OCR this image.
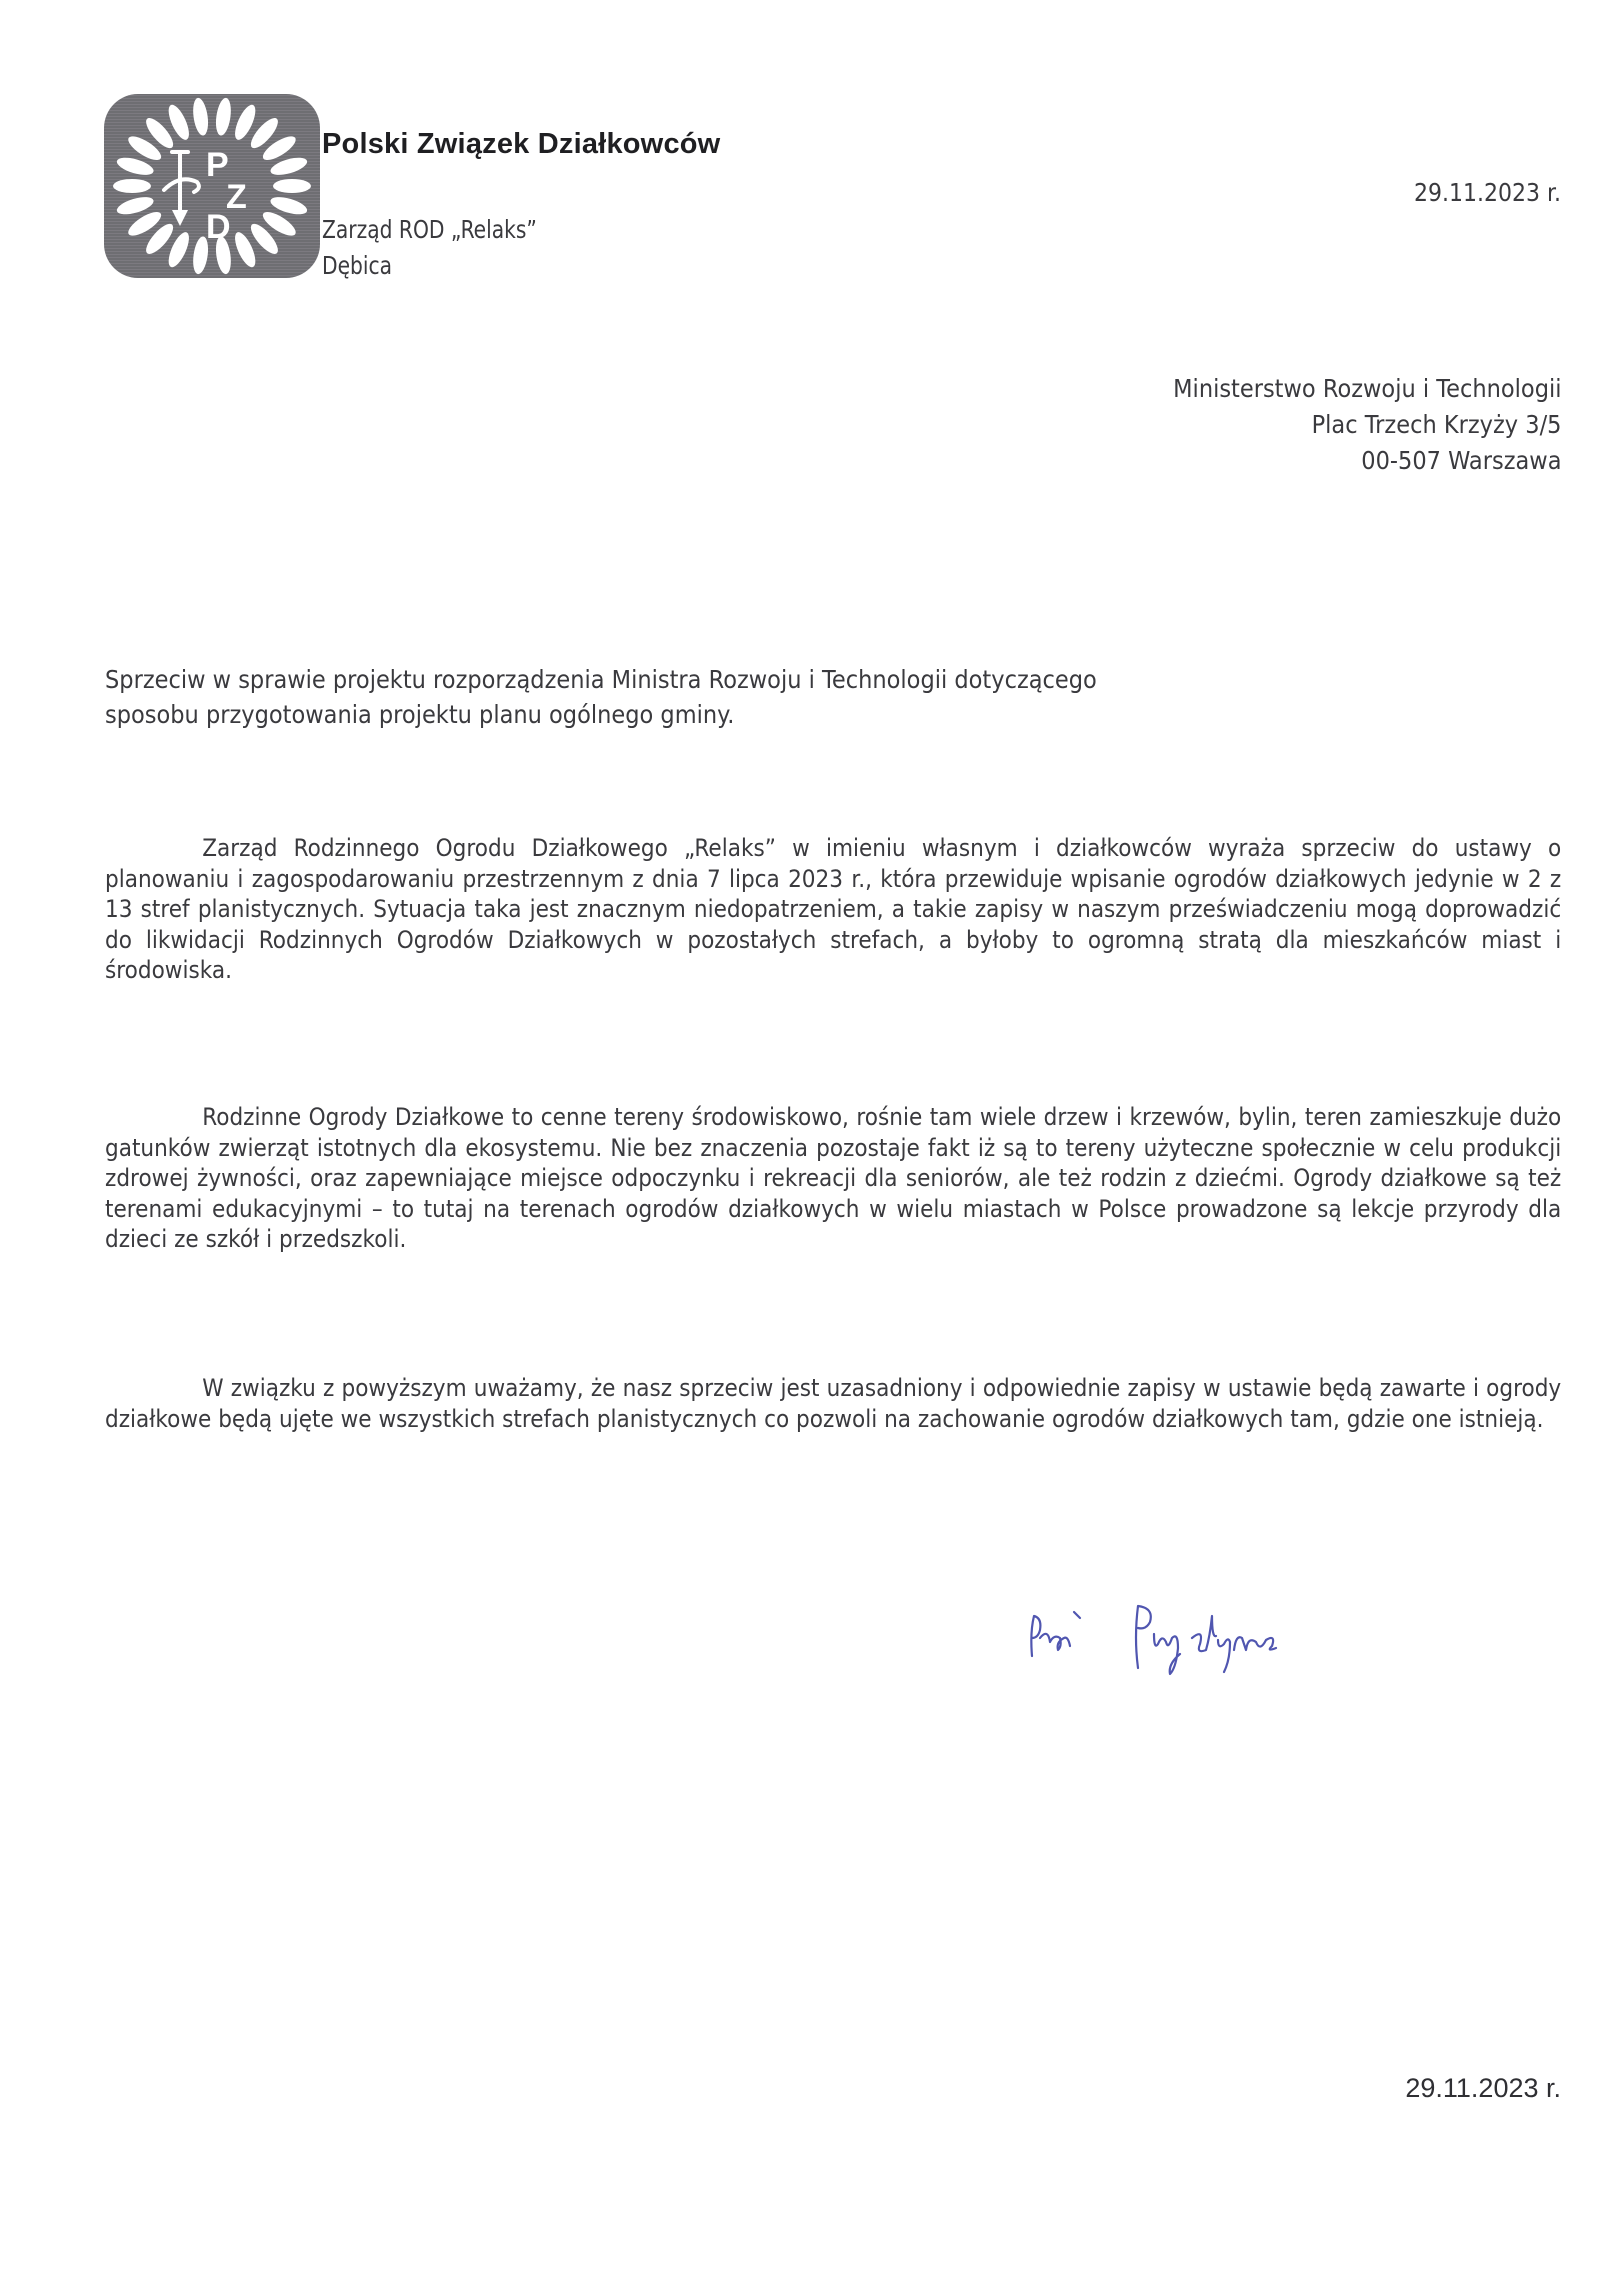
P
Z
D
Polski Związek Działkowców
Zarząd ROD „Relaks”
Dębica
29.11.2023 r.
Ministerstwo Rozwoju i Technologii
Plac Trzech Krzyży 3/5
00-507 Warszawa
Sprzeciw w sprawie projektu rozporządzenia Ministra Rozwoju i Technologii dotyczącego sposobu przygotowania projektu planu ogólnego gminy.

Zarząd Rodzinnego Ogrodu Działkowego „Relaks” w imieniu własnym i działkowców wyraża sprzeciw do ustawy o planowaniu i zagospodarowaniu przestrzennym z dnia 7 lipca 2023 r., która przewiduje wpisanie ogrodów działkowych jedynie w 2 z 13 stref planistycznych. Sytuacja taka jest znacznym niedopatrzeniem, a takie zapisy w naszym przeświadczeniu mogą doprowadzić do likwidacji Rodzinnych Ogrodów Działkowych w pozostałych strefach, a byłoby to ogromną stratą dla mieszkańców miast i środowiska.

Rodzinne Ogrody Działkowe to cenne tereny środowiskowo, rośnie tam wiele drzew i krzewów, bylin, teren zamieszkuje dużo gatunków zwierząt istotnych dla ekosystemu. Nie bez znaczenia pozostaje fakt iż są to tereny użyteczne społecznie w celu produkcji zdrowej żywności, oraz zapewniające miejsce odpoczynku i rekreacji dla seniorów, ale też rodzin z dziećmi. Ogrody działkowe są też terenami edukacyjnymi – to tutaj na terenach ogrodów działkowych w wielu miastach w Polsce prowadzone są lekcje przyrody dla dzieci ze szkół i przedszkoli.

W związku z powyższym uważamy, że nasz sprzeciw jest uzasadniony i odpowiednie zapisy w ustawie będą zawarte i ogrody działkowe będą ujęte we wszystkich strefach planistycznych co pozwoli na zachowanie ogrodów działkowych tam, gdzie one istnieją.

29.11.2023 r.
